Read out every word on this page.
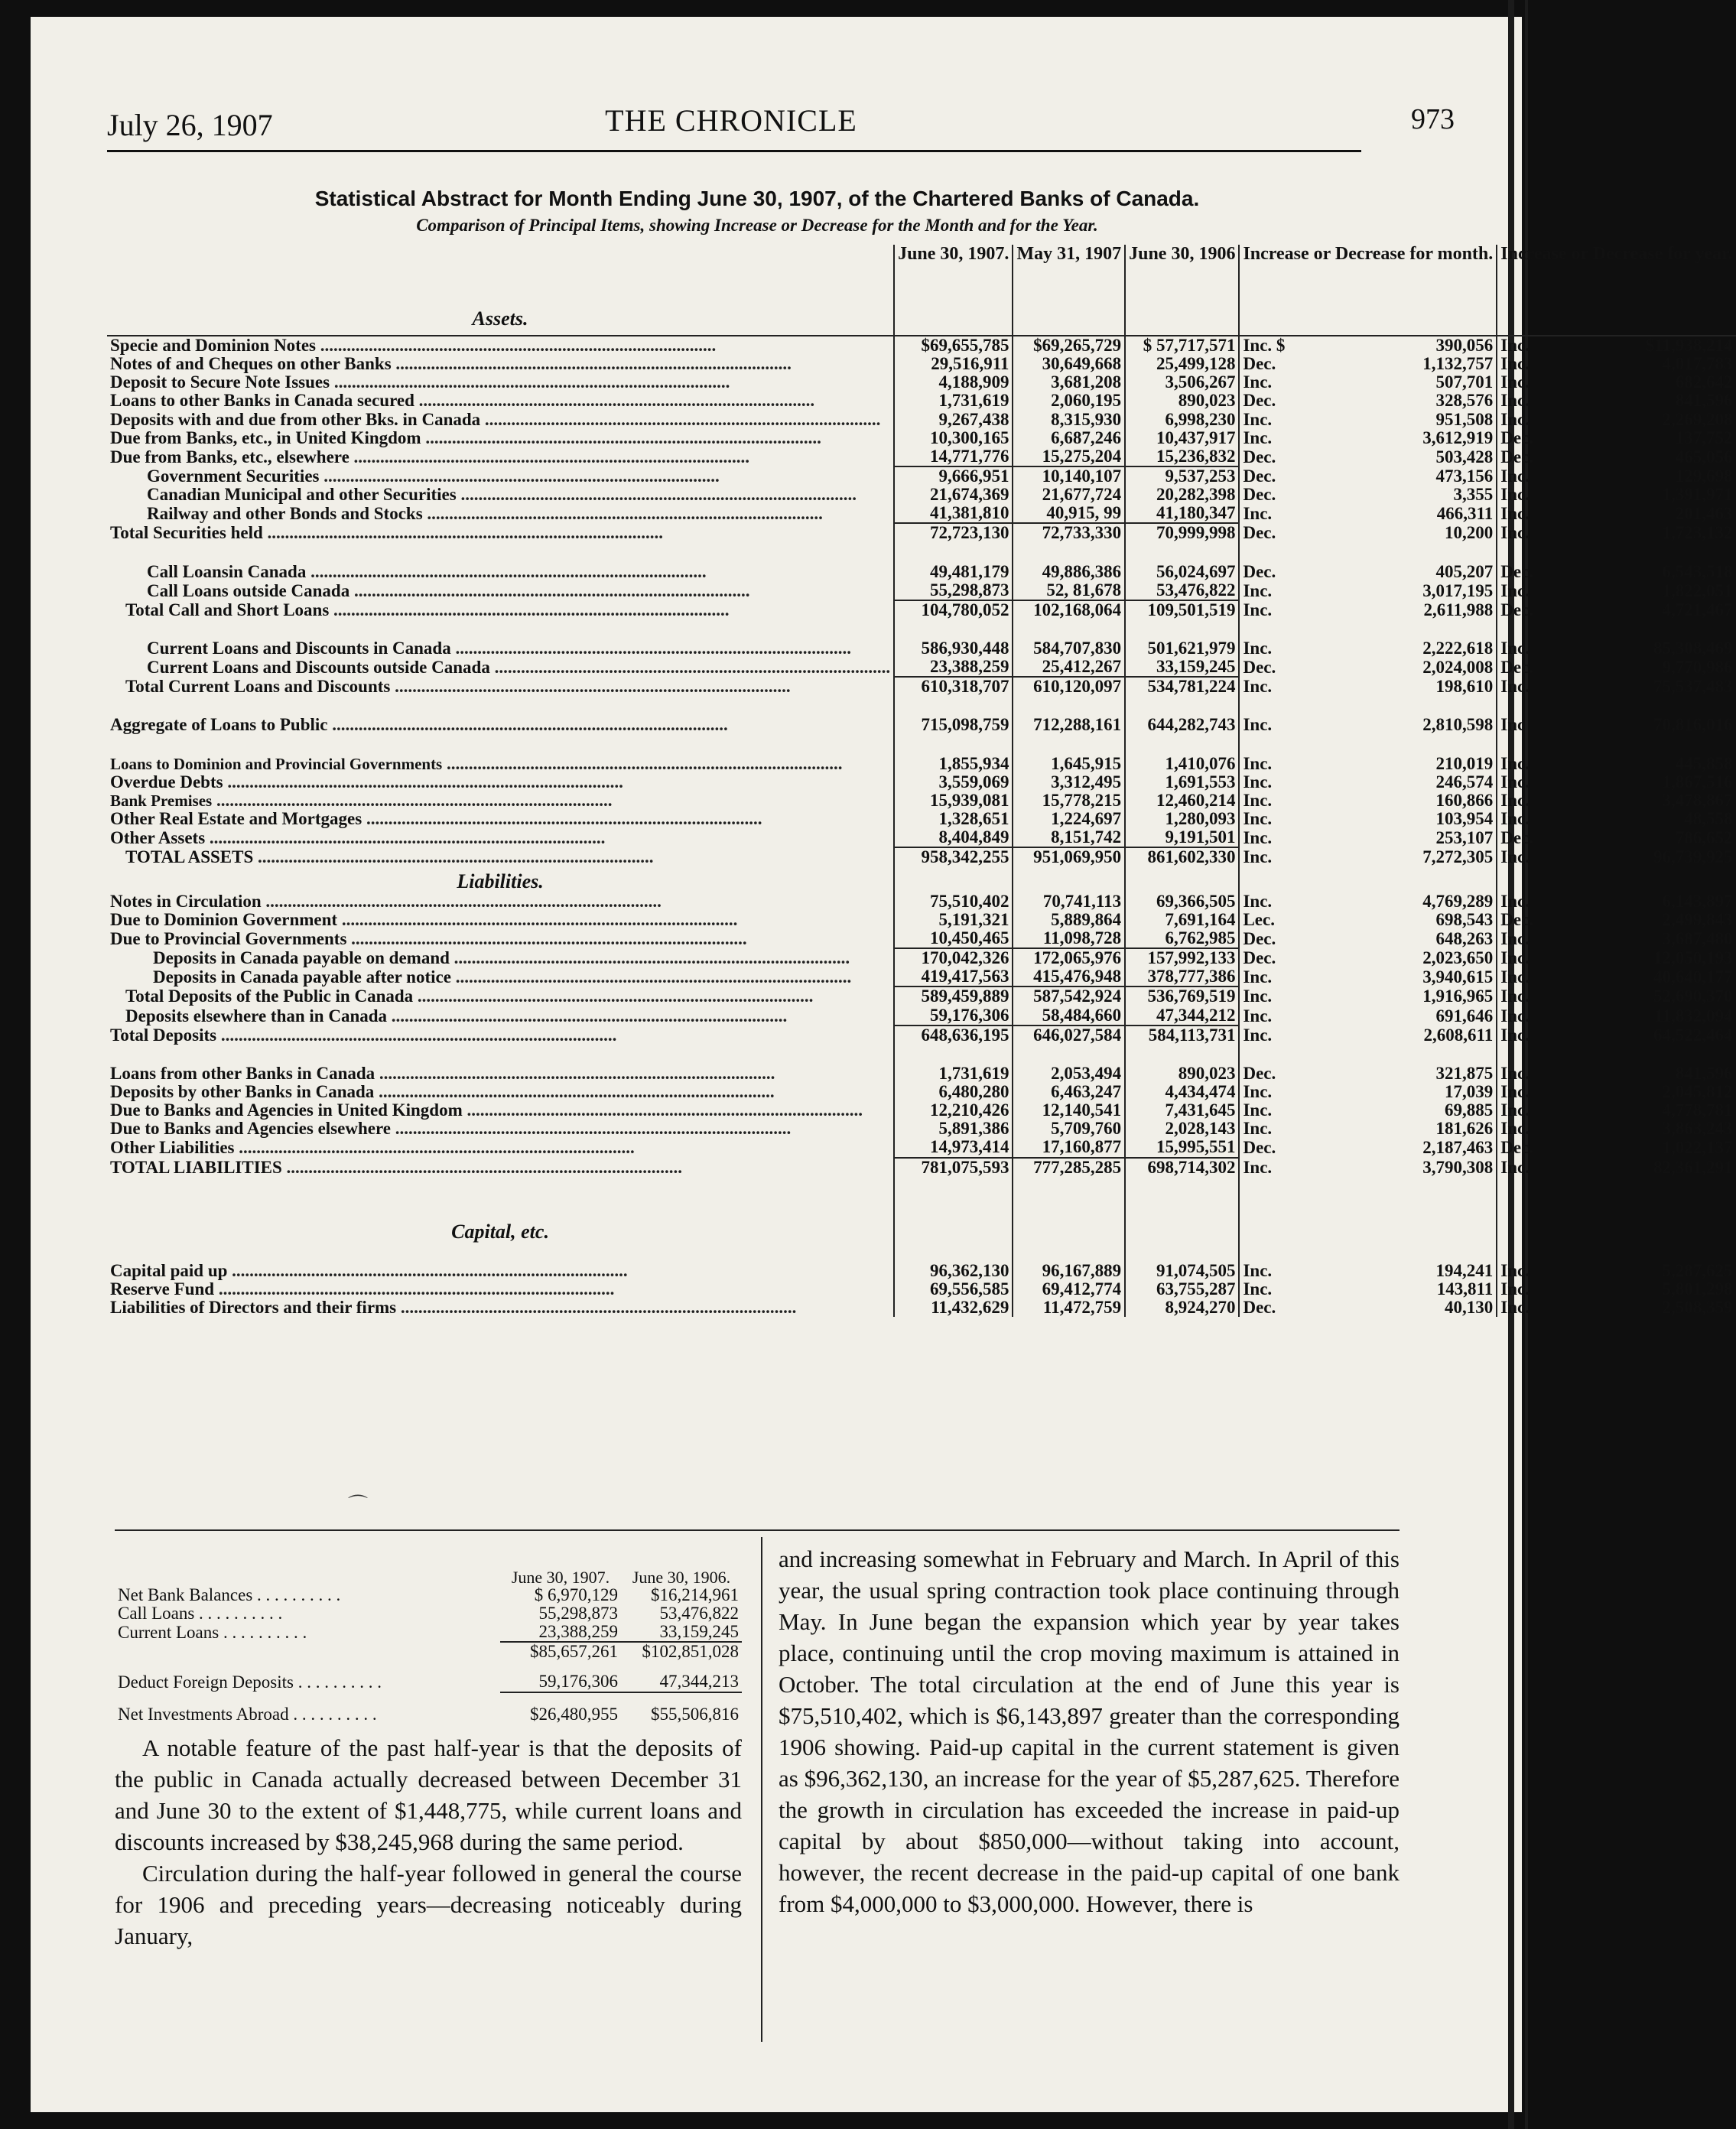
July 26, 1907	THE CHRONICLE	973
Statistical Abstract for Month Ending June 30, 1907, of the Chartered Banks of Canada.
Comparison of Principal Items, showing Increase or Decrease for the Month and for the Year.
Assets.	June 30, 1907.	May 31, 1907	June 30, 1906	Increase or Decrease for month.	Increase or Decrease for year.
Specie and Dominion Notes ..........................................................................................	$69,655,785	$69,265,729	$ 57,717,571	Inc. $ 390,056	Inc. $11,938,214

Notes of and Cheques on other Banks ..........................................................................................	29,516,911	30,649,668	25,499,128	Dec. 1,132,757	Inc. 4,017,783

Deposit to Secure Note Issues ..........................................................................................	4,188,909	3,681,208	3,506,267	Inc. 507,701	Inc. 682,642

Loans to other Banks in Canada secured ..........................................................................................	1,731,619	2,060,195	890,023	Dec. 328,576	Inc. 841,596

Deposits with and due from other Bks. in Canada ..........................................................................................	9,267,438	8,315,930	6,998,230	Inc. 951,508	Inc. 2,269,208

Due from Banks, etc., in United Kingdom ..........................................................................................	10,300,165	6,687,246	10,437,917	Inc. 3,612,919	Dec. 137,752

Due from Banks, etc., elsewhere ..........................................................................................	14,771,776	15,275,204	15,236,832	Dec. 503,428	Dec. 465,056

Government Securities ..........................................................................................	9,666,951	10,140,107	9,537,253	Dec. 473,156	Inc. 129,698

Canadian Municipal and other Securities ..........................................................................................	21,674,369	21,677,724	20,282,398	Dec. 3,355	Inc. 1,391,971

Railway and other Bonds and Stocks ..........................................................................................	41,381,810	40,915, 99	41,180,347	Inc. 466,311	Inc. 201,463

Total Securities held ..........................................................................................	72,723,130	72,733,330	70,999,998	Dec. 10,200	Inc. 1,723,132

Call Loansin Canada ..........................................................................................	49,481,179	49,886,386	56,024,697	Dec. 405,207	Dec. 6,543,518

Call Loans outside Canada ..........................................................................................	55,298,873	52, 81,678	53,476,822	Inc. 3,017,195	Inc. 1,822,051

Total Call and Short Loans ..........................................................................................	104,780,052	102,168,064	109,501,519	Inc. 2,611,988	Dec. 4,721,467

Current Loans and Discounts in Canada ..........................................................................................	586,930,448	584,707,830	501,621,979	Inc. 2,222,618	Inc. 85,308,469

Current Loans and Discounts outside Canada ..........................................................................................	23,388,259	25,412,267	33,159,245	Dec. 2,024,008	Dec. 9,770,986

Total Current Loans and Discounts ..........................................................................................	610,318,707	610,120,097	534,781,224	Inc. 198,610	Inc. 75,537,483

Aggregate of Loans to Public ..........................................................................................	715,098,759	712,288,161	644,282,743	Inc. 2,810,598	Inc 70,816,016

Loans to Dominion and Provincial Governments ..........................................................................................	1,855,934	1,645,915	1,410,076	Inc. 210,019	Inc. 445,858

Overdue Debts ..........................................................................................	3,559,069	3,312,495	1,691,553	Inc. 246,574	Inc. 1,867,516

Bank Premises ..........................................................................................	15,939,081	15,778,215	12,460,214	Inc. 160,866	Inc. 3,478,867

Other Real Estate and Mortgages ..........................................................................................	1,328,651	1,224,697	1,280,093	Inc. 103,954	Inc. 48,558

Other Assets ..........................................................................................	8,404,849	8,151,742	9,191,501	Inc. 253,107	Dec. 786,652

TOTAL ASSETS ..........................................................................................	958,342,255	951,069,950	861,602,330	Inc. 7,272,305	Inc. 96,739,925

Liabilities.					
Notes in Circulation ..........................................................................................	75,510,402	70,741,113	69,366,505	Inc. 4,769,289	Inc. 6,143,897

Due to Dominion Government ..........................................................................................	5,191,321	5,889,864	7,691,164	Lec. 698,543	Dec. 2,499,843

Due to Provincial Governments ..........................................................................................	10,450,465	11,098,728	6,762,985	Dec. 648,263	Inc. 3,687,480

Deposits in Canada payable on demand ..........................................................................................	170,042,326	172,065,976	157,992,133	Dec. 2,023,650	Inc. 12,050,193

Deposits in Canada payable after notice ..........................................................................................	419,417,563	415,476,948	378,777,386	Inc. 3,940,615	Inc. 40,640,177

Total Deposits of the Public in Canada ..........................................................................................	589,459,889	587,542,924	536,769,519	Inc. 1,916,965	Inc. 52,690,370

Deposits elsewhere than in Canada ..........................................................................................	59,176,306	58,484,660	47,344,212	Inc. 691,646	Inc. 11,832,094

Total Deposits ..........................................................................................	648,636,195	646,027,584	584,113,731	Inc. 2,608,611	Inc. 64,522,464

Loans from other Banks in Canada ..........................................................................................	1,731,619	2,053,494	890,023	Dec. 321,875	Inc. 841,596

Deposits by other Banks in Canada ..........................................................................................	6,480,280	6,463,247	4,434,474	Inc. 17,039	Inc. 2,045,812

Due to Banks and Agencies in United Kingdom ..........................................................................................	12,210,426	12,140,541	7,431,645	Inc. 69,885	Inc. 4,778,781

Due to Banks and Agencies elsewhere ..........................................................................................	5,891,386	5,709,760	2,028,143	Inc. 181,626	Inc. 3,863,243

Other Liabilities ..........................................................................................	14,973,414	17,160,877	15,995,551	Dec. 2,187,463	Dec. 1,022,137

TOTAL LIABILITIES ..........................................................................................	781,075,593	777,285,285	698,714,302	Inc. 3,790,308	Inc. 82,361,291

Capital, etc.					

Capital paid up ..........................................................................................	96,362,130	96,167,889	91,074,505	Inc. 194,241	Inc. 5,287,625

Reserve Fund ..........................................................................................	69,556,585	69,412,774	63,755,287	Inc. 143,811	Inc. 5,801,298

Liabilities of Directors and their firms ..........................................................................................	11,432,629	11,472,759	8,924,270	Dec. 40,130	Inc. 2,508,359
⌒
	June 30, 1907.	June 30, 1906.
Net Bank Balances . . . . . . . . . .	$ 6,970,129	$16,214,961
Call Loans . . . . . . . . . .	55,298,873	53,476,822
Current Loans . . . . . . . . . .	23,388,259	33,159,245
	$85,657,261	$102,851,028
Deduct Foreign Deposits . . . . . . . . . .	59,176,306	47,344,213
Net Investments Abroad . . . . . . . . . .	$26,480,955	$55,506,816

A notable feature of the past half-year is that the deposits of the public in Canada actually decreased between December 31 and June 30 to the extent of $1,448,775, while current loans and discounts increased by $38,245,968 during the same period.

Circulation during the half-year followed in general the course for 1906 and preceding years—decreasing noticeably during January,

and increasing somewhat in February and March. In April of this year, the usual spring contraction took place continuing through May. In June began the expansion which year by year takes place, continuing until the crop moving maximum is attained in October. The total circulation at the end of June this year is $75,510,402, which is $6,143,897 greater than the corresponding 1906 showing. Paid-up capital in the current statement is given as $96,362,130, an increase for the year of $5,287,625. Therefore the growth in circulation has exceeded the increase in paid-up capital by about $850,000—without taking into account, however, the recent decrease in the paid-up capital of one bank from $4,000,000 to $3,000,000. However, there is
